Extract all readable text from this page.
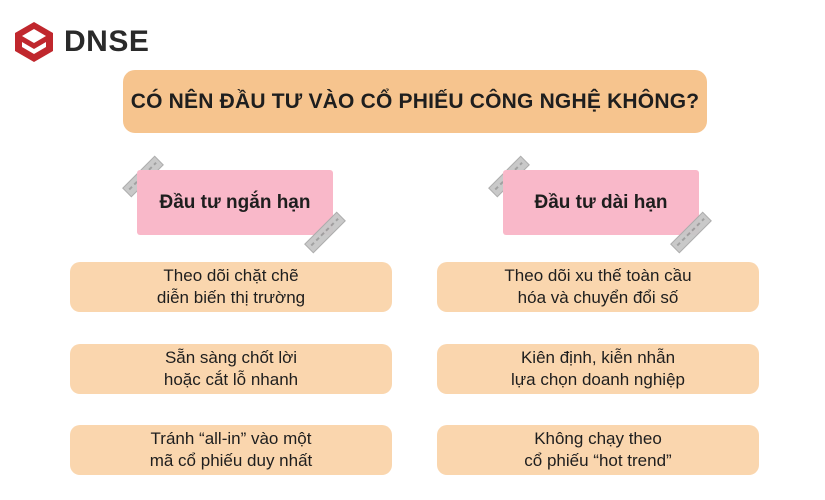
DNSE
CÓ NÊN ĐẦU TƯ VÀO CỔ PHIẾU CÔNG NGHỆ KHÔNG?
Đầu tư ngắn hạn	Đầu tư dài hạn
Theo dõi chặt chẽ
diễn biến thị trường
Sẵn sàng chốt lời
hoặc cắt lỗ nhanh
Tránh “all-in” vào một
mã cổ phiếu duy nhất
Theo dõi xu thế toàn cầu
hóa và chuyển đổi số
Kiên định, kiễn nhẫn
lựa chọn doanh nghiệp
Không chạy theo
cổ phiếu “hot trend”
